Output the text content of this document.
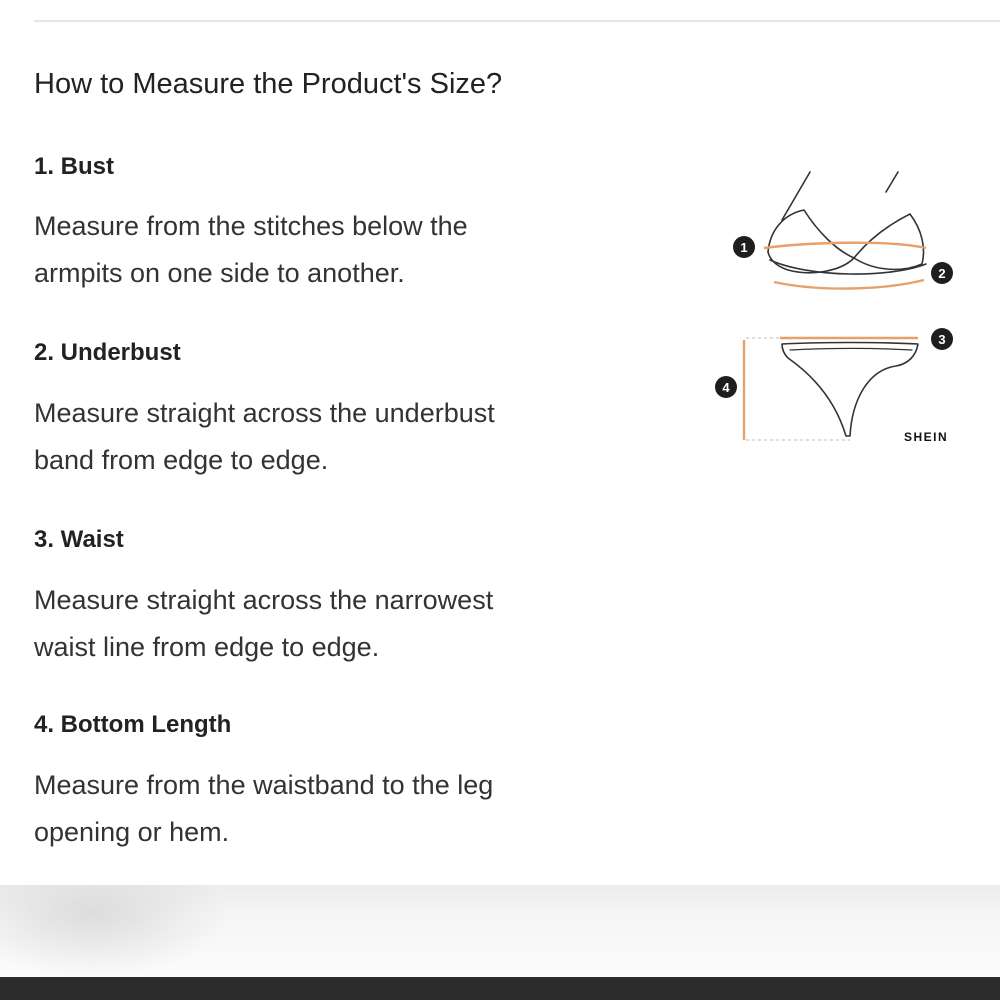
How to Measure the Product's Size?
1. Bust

Measure from the stitches below the
armpits on one side to another.

2. Underbust

Measure straight across the underbust
band from edge to edge.

3. Waist

Measure straight across the narrowest
waist line from edge to edge.

4. Bottom Length

Measure from the waistband to the leg
opening or hem.

1
2
3
4
SHEIN
